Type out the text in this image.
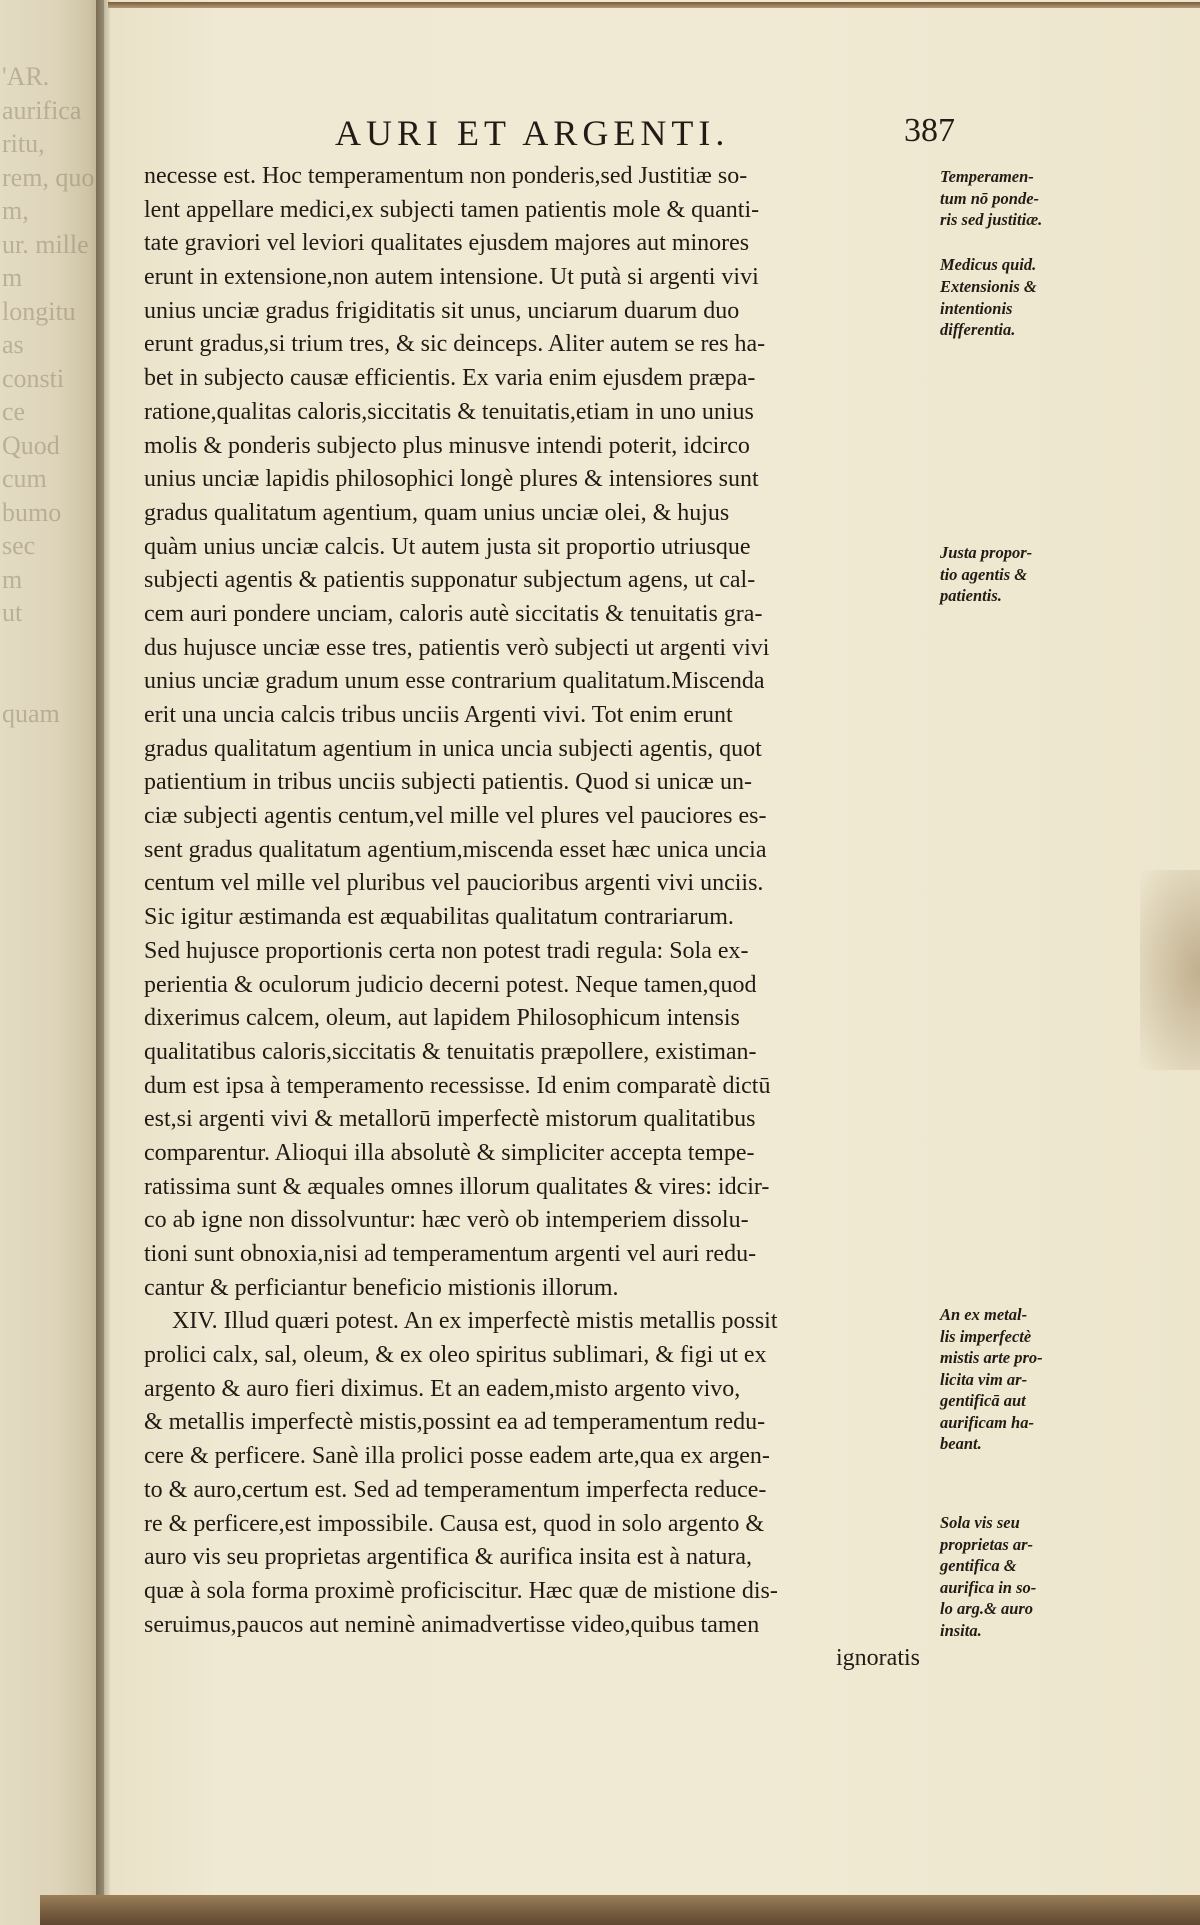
'AR.
aurifica
ritu,
rem, quo
m,
ur. mille
m
longitu
as
consti
ce
Quod
cum
bumo
sec
m
ut
quam
AURI ET ARGENTI.	387
necesse est. Hoc temperamentum non ponderis,sed Justitiæ so-
lent appellare medici,ex subjecti tamen patientis mole & quanti-
tate graviori vel leviori qualitates ejusdem majores aut minores
erunt in extensione,non autem intensione. Ut putà si argenti vivi
unius unciæ gradus frigiditatis sit unus, unciarum duarum duo
erunt gradus,si trium tres, & sic deinceps. Aliter autem se res ha-
bet in subjecto causæ efficientis. Ex varia enim ejusdem præpa-
ratione,qualitas caloris,siccitatis & tenuitatis,etiam in uno unius
molis & ponderis subjecto plus minusve intendi poterit, idcirco
unius unciæ lapidis philosophici longè plures & intensiores sunt
gradus qualitatum agentium, quam unius unciæ olei, & hujus
quàm unius unciæ calcis. Ut autem justa sit proportio utriusque
subjecti agentis & patientis supponatur subjectum agens, ut cal-
cem auri pondere unciam, caloris autè siccitatis & tenuitatis gra-
dus hujusce unciæ esse tres, patientis verò subjecti ut argenti vivi
unius unciæ gradum unum esse contrarium qualitatum.Miscenda
erit una uncia calcis tribus unciis Argenti vivi. Tot enim erunt
gradus qualitatum agentium in unica uncia subjecti agentis, quot
patientium in tribus unciis subjecti patientis. Quod si unicæ un-
ciæ subjecti agentis centum,vel mille vel plures vel pauciores es-
sent gradus qualitatum agentium,miscenda esset hæc unica uncia
centum vel mille vel pluribus vel paucioribus argenti vivi unciis.
Sic igitur æstimanda est æquabilitas qualitatum contrariarum.
Sed hujusce proportionis certa non potest tradi regula: Sola ex-
perientia & oculorum judicio decerni potest. Neque tamen,quod
dixerimus calcem, oleum, aut lapidem Philosophicum intensis
qualitatibus caloris,siccitatis & tenuitatis præpollere, existiman-
dum est ipsa à temperamento recessisse. Id enim comparatè dictū
est,si argenti vivi & metallorū imperfectè mistorum qualitatibus
comparentur. Alioqui illa absolutè & simpliciter accepta tempe-
ratissima sunt & æquales omnes illorum qualitates & vires: idcir-
co ab igne non dissolvuntur: hæc verò ob intemperiem dissolu-
tioni sunt obnoxia,nisi ad temperamentum argenti vel auri redu-
cantur & perficiantur beneficio mistionis illorum.
XIV. Illud quæri potest. An ex imperfectè mistis metallis possit
prolici calx, sal, oleum, & ex oleo spiritus sublimari, & figi ut ex
argento & auro fieri diximus. Et an eadem,misto argento vivo,
& metallis imperfectè mistis,possint ea ad temperamentum redu-
cere & perficere. Sanè illa prolici posse eadem arte,qua ex argen-
to & auro,certum est. Sed ad temperamentum imperfecta reduce-
re & perficere,est impossibile. Causa est, quod in solo argento &
auro vis seu proprietas argentifica & aurifica insita est à natura,
quæ à sola forma proximè proficiscitur. Hæc quæ de mistione dis-
seruimus,paucos aut neminè animadvertisse video,quibus tamen
ignoratis
Temperamen-
tum nō ponde-
ris sed justitiæ.
Medicus quid.
Extensionis &
intentionis
differentia.
Justa propor-
tio agentis &
patientis.
An ex metal-
lis imperfectè
mistis arte pro-
licita vim ar-
gentificā aut
aurificam ha-
beant.
Sola vis seu
proprietas ar-
gentifica &
aurifica in so-
lo arg.& auro
insita.
